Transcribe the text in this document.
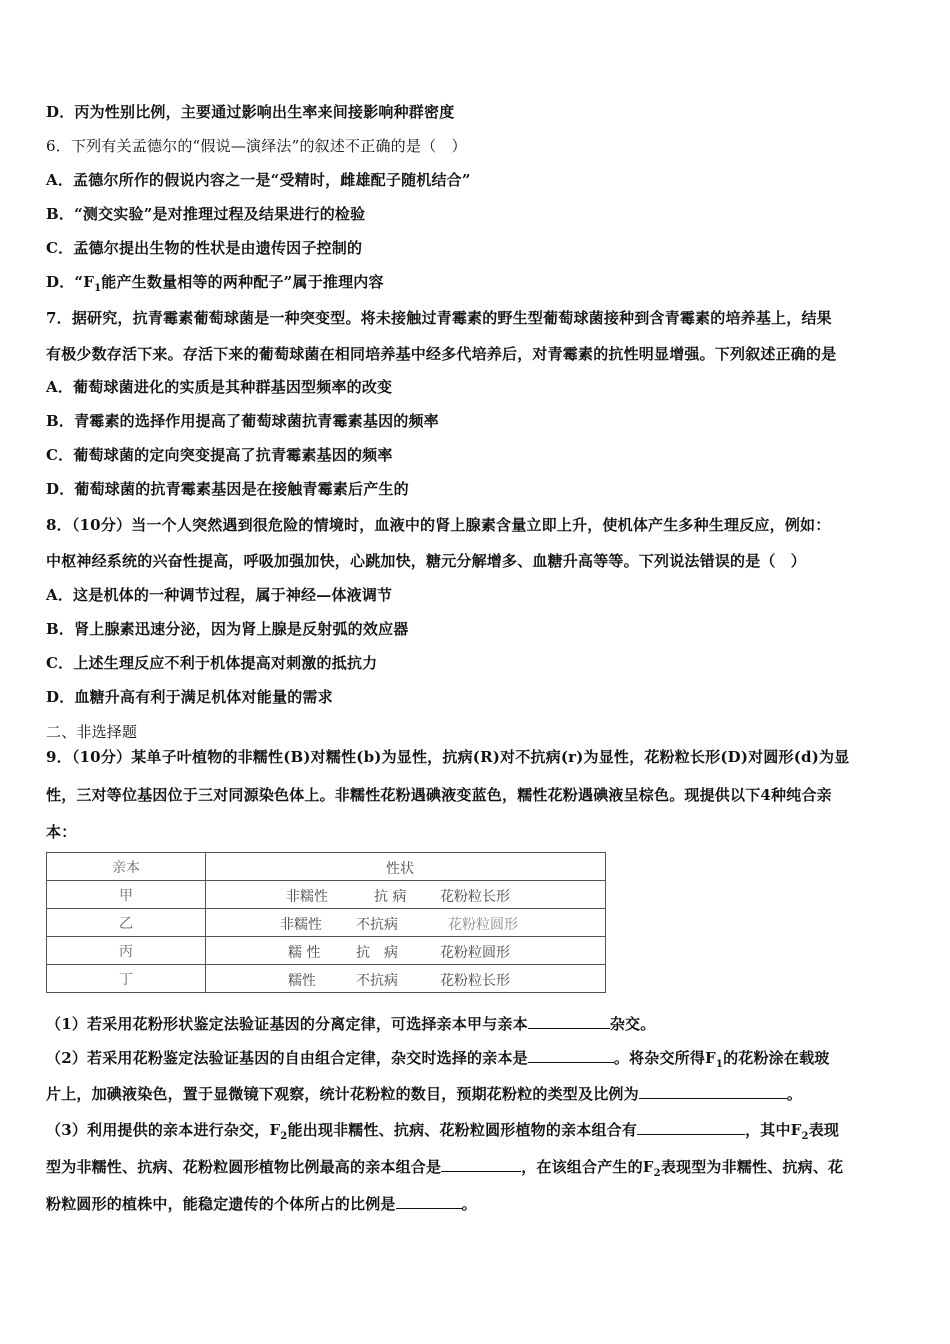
D．丙为性别比例，主要通过影响出生率来间接影响种群密度
6．下列有关孟德尔的“假说—演绎法”的叙述不正确的是（　）
A．孟德尔所作的假说内容之一是“受精时，雌雄配子随机结合”
B．“测交实验”是对推理过程及结果进行的检验
C．孟德尔提出生物的性状是由遗传因子控制的
D．“$F_1$能产生数量相等的两种配子”属于推理内容
7．据研究，抗青霉素葡萄球菌是一种突变型。将未接触过青霉素的野生型葡萄球菌接种到含青霉素的培养基上，结果
有极少数存活下来。存活下来的葡萄球菌在相同培养基中经多代培养后，对青霉素的抗性明显增强。下列叙述正确的是
A．葡萄球菌进化的实质是其种群基因型频率的改变
B．青霉素的选择作用提高了葡萄球菌抗青霉素基因的频率
C．葡萄球菌的定向突变提高了抗青霉素基因的频率
D．葡萄球菌的抗青霉素基因是在接触青霉素后产生的
8．（10分）当一个人突然遇到很危险的情境时，血液中的肾上腺素含量立即上升，使机体产生多种生理反应，例如：
中枢神经系统的兴奋性提高，呼吸加强加快，心跳加快，糖元分解增多、血糖升高等等。下列说法错误的是（　）
A．这是机体的一种调节过程，属于神经—体液调节
B．肾上腺素迅速分泌，因为肾上腺是反射弧的效应器
C．上述生理反应不利于机体提高对刺激的抵抗力
D．血糖升高有利于满足机体对能量的需求
二、非选择题
9．（10分）某单子叶植物的非糯性(B)对糯性(b)为显性，抗病(R)对不抗病(r)为显性，花粉粒长形(D)对圆形(d)为显
性，三对等位基因位于三对同源染色体上。非糯性花粉遇碘液变蓝色，糯性花粉遇碘液呈棕色。现提供以下4种纯合亲
本：
亲本	性状

甲	非糯性 抗 病 花粉粒长形

乙	非糯性 不抗病 花粉粒圆形

丙	糯 性 抗　病 花粉粒圆形

丁	糯性 不抗病 花粉粒长形
（1）若采用花粉形状鉴定法验证基因的分离定律，可选择亲本甲与亲本	杂交。
（2）若采用花粉鉴定法验证基因的自由组合定律，杂交时选择的亲本是	。将杂交所得$F_1$的花粉涂在载玻
片上，加碘液染色，置于显微镜下观察，统计花粉粒的数目，预期花粉粒的类型及比例为	。
（3）利用提供的亲本进行杂交，$F_2$能出现非糯性、抗病、花粉粒圆形植物的亲本组合有	，其中$F_2$表现
型为非糯性、抗病、花粉粒圆形植物比例最高的亲本组合是	，在该组合产生的$F_2$表现型为非糯性、抗病、花
粉粒圆形的植株中，能稳定遗传的个体所占的比例是	。
